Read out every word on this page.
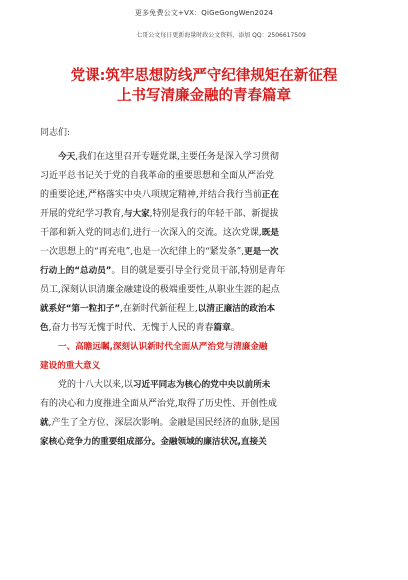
更多免费公文+VX：QiGeGongWen2024
七哥公文每日更新海量时政公文资料，添加 QQ：2506617509
党课:筑牢思想防线严守纪律规矩在新征程
上书写清廉金融的青春篇章

同志们:

今天,我们在这里召开专题党课,主要任务是深入学习贯彻
习近平总书记关于党的自我革命的重要思想和全面从严治党
的重要论述,严格落实中央八项规定精神,并结合我行当前正在
开展的党纪学习教育,与大家,特别是我行的年轻干部、新提拔
干部和新入党的同志们,进行一次深入的交流。这次党课,既是
一次思想上的“再充电”,也是一次纪律上的“紧发条”,更是一次
行动上的“总动员”。目的就是要引导全行党员干部,特别是青年
员工,深刻认识清廉金融建设的极端重要性,从职业生涯的起点
就系好“第一粒扣子”,在新时代新征程上,以清正廉洁的政治本
色,奋力书写无愧于时代、无愧于人民的青春篇章。

一、高瞻远瞩,深刻认识新时代全面从严治党与清廉金融
建设的重大意义

党的十八大以来,以习近平同志为核心的党中央以前所未
有的决心和力度推进全面从严治党,取得了历史性、开创性成
就,产生了全方位、深层次影响。金融是国民经济的血脉,是国
家核心竞争力的重要组成部分。金融领域的廉洁状况,直接关
